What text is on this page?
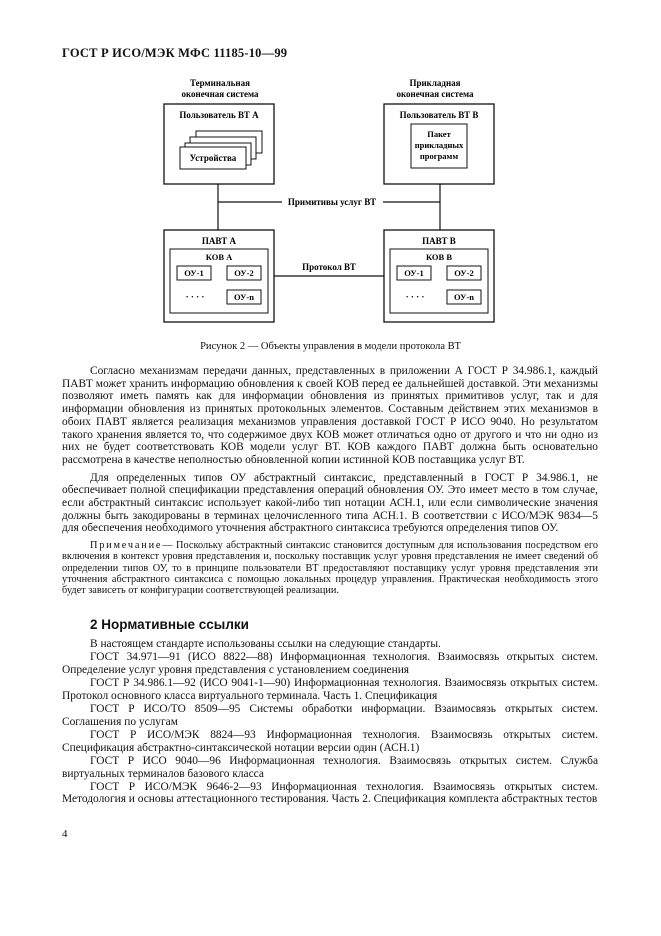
ГОСТ Р ИСО/МЭК МФС 11185-10—99
Терминальная
оконечная система
Прикладная
оконечная система
Пользователь ВТ А
Устройства
Пользователь ВТ В
Пакет
прикладных
программ
Примитивы услуг ВТ
ПАВТ А
КОВ А
ОУ-1	ОУ-2
· · · ·	ОУ-n
ПАВТ В
КОВ В
ОУ-1	ОУ-2
· · · ·	ОУ-n
Протокол ВТ
Рисунок 2 — Объекты управления в модели протокола ВТ

Согласно механизмам передачи данных, представленных в приложении А ГОСТ Р 34.986.1, каждый ПАВТ может хранить информацию обновления к своей КОВ перед ее дальнейшей доставкой. Эти механизмы позволяют иметь память как для информации обновления из принятых примитивов услуг, так и для информации обновления из принятых протокольных элементов. Составным действием этих механизмов в обоих ПАВТ является реализация механизмов управления доставкой ГОСТ Р ИСО 9040. Но результатом такого хранения является то, что содержимое двух КОВ может отличаться одно от другого и что ни одно из них не будет соответствовать КОВ модели услуг ВТ. КОВ каждого ПАВТ должна быть основательно рассмотрена в качестве неполностью обновленной копии истинной КОВ поставщика услуг ВТ.

Для определенных типов ОУ абстрактный синтаксис, представленный в ГОСТ Р 34.986.1, не обеспечивает полной спецификации представления операций обновления ОУ. Это имеет место в том случае, если абстрактный синтаксис использует какой-либо тип нотации АСН.1, или если символические значения должны быть закодированы в терминах целочисленного типа АСН.1. В соответствии с ИСО/МЭК 9834—5 для обеспечения необходимого уточнения абстрактного синтаксиса требуются определения типов ОУ.

Примечание— Поскольку абстрактный синтаксис становится доступным для использования посредством его включения в контекст уровня представления и, поскольку поставщик услуг уровня представления не имеет сведений об определении типов ОУ, то в принципе пользователи ВТ предоставляют поставщику услуг уровня представления эти уточнения абстрактного синтаксиса с помощью локальных процедур управления. Практическая необходимость этого будет зависеть от конфигурации соответствующей реализации.

2 Нормативные ссылки

В настоящем стандарте использованы ссылки на следующие стандарты.

ГОСТ 34.971—91 (ИСО 8822—88) Информационная технология. Взаимосвязь открытых систем. Определение услуг уровня представления с установлением соединения

ГОСТ Р 34.986.1—92 (ИСО 9041-1—90) Информационная технология. Взаимосвязь открытых систем. Протокол основного класса виртуального терминала. Часть 1. Спецификация

ГОСТ Р ИСО/ТО 8509—95 Системы обработки информации. Взаимосвязь открытых систем. Соглашения по услугам

ГОСТ Р ИСО/МЭК 8824—93 Информационная технология. Взаимосвязь открытых систем. Спецификация абстрактно-синтаксической нотации версии один (АСН.1)

ГОСТ Р ИСО 9040—96 Информационная технология. Взаимосвязь открытых систем. Служба виртуальных терминалов базового класса

ГОСТ Р ИСО/МЭК 9646-2—93 Информационная технология. Взаимосвязь открытых систем. Методология и основы аттестационного тестирования. Часть 2. Спецификация комплекта абстрактных тестов

4
